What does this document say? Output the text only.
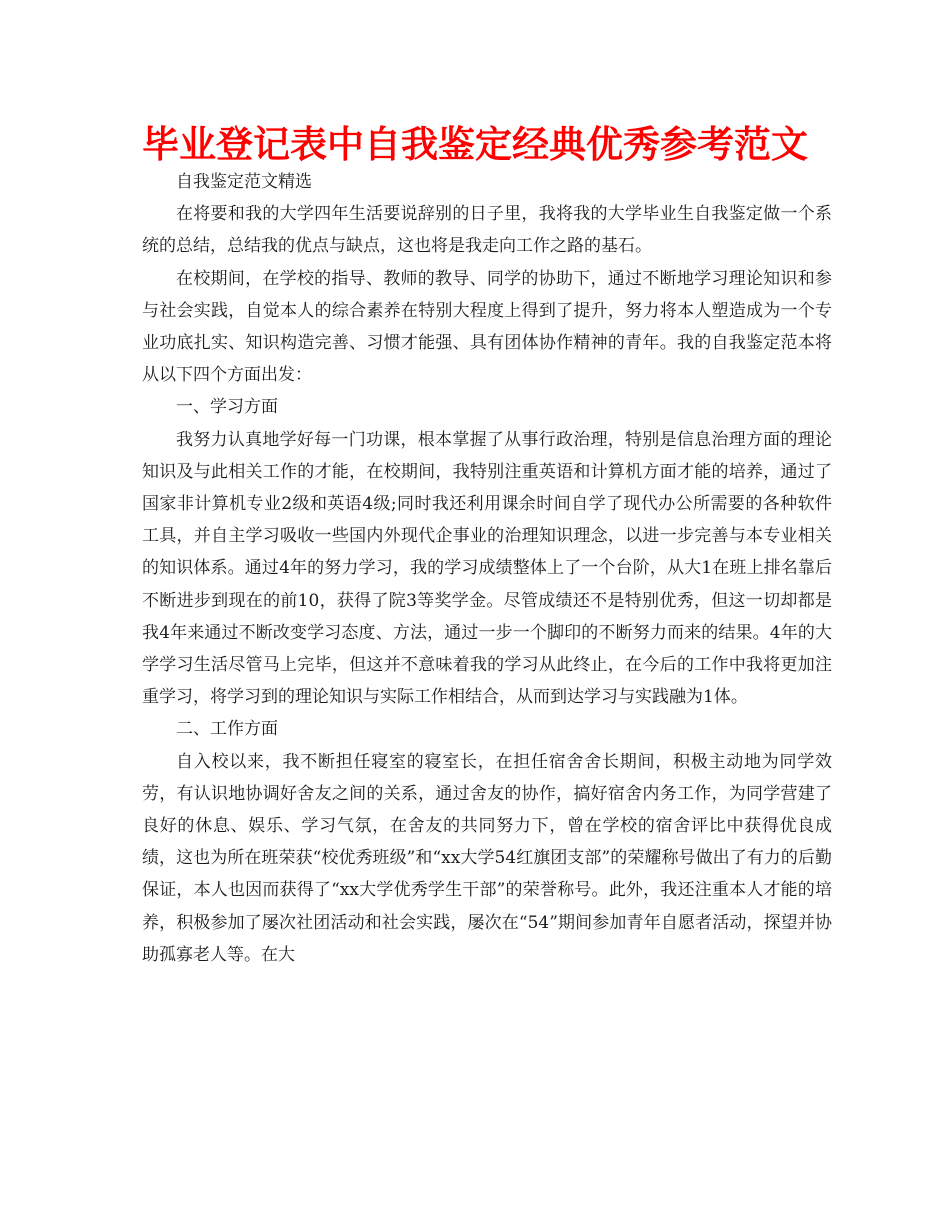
毕业登记表中自我鉴定经典优秀参考范文

自我鉴定范文精选

在将要和我的大学四年生活要说辞别的日子里，我将我的大学毕业生自我鉴定做一个系统的总结，总结我的优点与缺点，这也将是我走向工作之路的基石。

在校期间，在学校的指导、教师的教导、同学的协助下，通过不断地学习理论知识和参与社会实践，自觉本人的综合素养在特别大程度上得到了提升，努力将本人塑造成为一个专业功底扎实、知识构造完善、习惯才能强、具有团体协作精神的青年。我的自我鉴定范本将从以下四个方面出发：

一、学习方面

我努力认真地学好每一门功课，根本掌握了从事行政治理，特别是信息治理方面的理论知识及与此相关工作的才能，在校期间，我特别注重英语和计算机方面才能的培养，通过了国家非计算机专业2级和英语4级;同时我还利用课余时间自学了现代办公所需要的各种软件工具，并自主学习吸收一些国内外现代企事业的治理知识理念，以进一步完善与本专业相关的知识体系。通过4年的努力学习，我的学习成绩整体上了一个台阶，从大1在班上排名靠后不断进步到现在的前10，获得了院3等奖学金。尽管成绩还不是特别优秀，但这一切却都是我4年来通过不断改变学习态度、方法，通过一步一个脚印的不断努力而来的结果。4年的大学学习生活尽管马上完毕，但这并不意味着我的学习从此终止，在今后的工作中我将更加注重学习，将学习到的理论知识与实际工作相结合，从而到达学习与实践融为1体。

二、工作方面

自入校以来，我不断担任寝室的寝室长，在担任宿舍舍长期间，积极主动地为同学效劳，有认识地协调好舍友之间的关系，通过舍友的协作，搞好宿舍内务工作，为同学营建了良好的休息、娱乐、学习气氛，在舍友的共同努力下，曾在学校的宿舍评比中获得优良成绩，这也为所在班荣获“校优秀班级”和“xx大学54红旗团支部”的荣耀称号做出了有力的后勤保证，本人也因而获得了“xx大学优秀学生干部”的荣誉称号。此外，我还注重本人才能的培养，积极参加了屡次社团活动和社会实践，屡次在“54”期间参加青年自愿者活动，探望并协助孤寡老人等。在大
